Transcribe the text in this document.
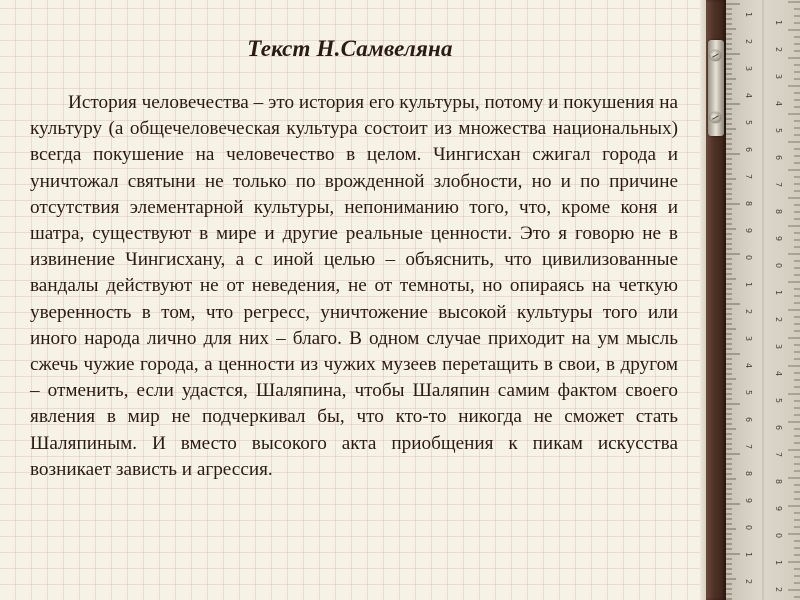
Текст Н.Самвеляна

История человечества – это история его культуры, потому и покушения на культуру (а общечеловеческая культура состоит из множества национальных) всегда покушение на человечество в целом. Чингисхан сжигал города и уничтожал святыни не только по врожденной злобности, но и по причине отсутствия элементарной культуры, непониманию того, что, кроме коня и шатра, существуют в мире и другие реальные ценности. Это я говорю не в извинение Чингисхану, а с иной целью – объяснить, что цивилизованные вандалы действуют не от неведения, не от темноты, но опираясь на четкую уверенность в том, что регресс, уничтожение высокой культуры того или иного народа лично для них – благо. В одном случае приходит на ум мысль сжечь чужие города, а ценности из чужих музеев перетащить в свои, в другом – отменить, если удастся, Шаляпина, чтобы Шаляпин самим фактом своего явления в мир не подчеркивал бы, что кто-то никогда не сможет стать Шаляпиным. И вместо высокого акта приобщения к пикам искусства возникает зависть и агрессия.

1
1
2
2
3
3
4
4
5
5
6
6
7
7
8
8
9
9
0
0
1
1
2
2
3
3
4
4
5
5
6
6
7
7
8
8
9
9
0
0
1
1
2
2
